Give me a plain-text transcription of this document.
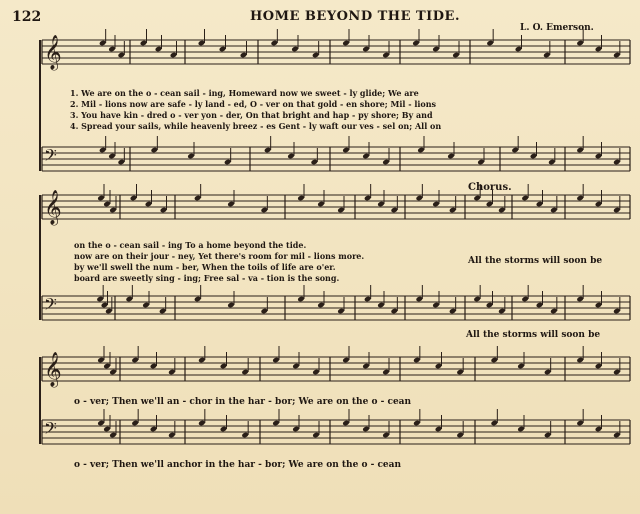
122	HOME BEYOND THE TIDE.
L. O. Emerson.
𝄞
𝄢
𝄞
𝄢
𝄞
𝄢
1. We are on the o - cean sail - ing, Homeward now we sweet - ly glide; We are
2. Mil - lions now are safe - ly land - ed, O - ver on that gold - en shore; Mil - lions
3. You have kin - dred o - ver yon - der, On that bright and hap - py shore; By and
4. Spread your sails, while heavenly breez - es Gent - ly waft our ves - sel on; All on
on the o - cean sail - ing To a home beyond the tide.
now are on their jour - ney, Yet there's room for mil - lions more.
by we'll swell the num - ber, When the toils of life are o'er.
board are sweetly sing - ing; Free sal - va - tion is the song.
Chorus.
All the storms will soon be
All the storms will soon be
o - ver; Then we'll an - chor in the har - bor; We are on the o - cean
o - ver; Then we'll anchor in the har - bor; We are on the o - cean
